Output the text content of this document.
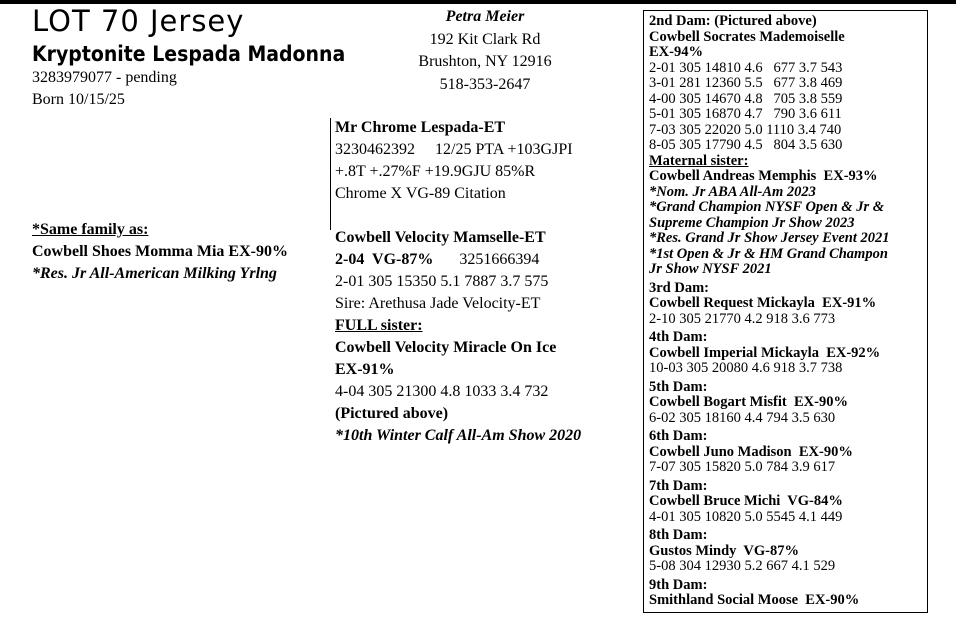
LOT 70 Jersey
Kryptonite Lespada Madonna
3283979077 - pending
Born 10/15/25
Petra Meier
192 Kit Clark Rd
Brushton, NY 12916
518-353-2647
*Same family as:
Cowbell Shoes Momma Mia EX-90%
*Res. Jr All-American Milking Yrlng
Mr Chrome Lespada-ET
3230462392     12/25 PTA +103GJPI
+.8T +.27%F +19.9GJU 85%R
Chrome X VG-89 Citation
Cowbell Velocity Mamselle-ET
2-04  VG-87% 3251666394
2-01 305 15350 5.1 7887 3.7 575
Sire: Arethusa Jade Velocity-ET
FULL sister:
Cowbell Velocity Miracle On Ice
EX-91%
4-04 305 21300 4.8 1033 3.4 732
(Pictured above)
*10th Winter Calf All-Am Show 2020
2nd Dam: (Pictured above)
Cowbell Socrates Mademoiselle
EX-94%
2-01 305 14810 4.6   677 3.7 543
3-01 281 12360 5.5   677 3.8 469
4-00 305 14670 4.8   705 3.8 559
5-01 305 16870 4.7   790 3.6 611
7-03 305 22020 5.0 1110 3.4 740
8-05 305 17790 4.5   804 3.5 630
Maternal sister:
Cowbell Andreas Memphis  EX-93%
*Nom. Jr ABA All-Am 2023
*Grand Champion NYSF Open & Jr &
Supreme Champion Jr Show 2023
*Res. Grand Jr Show Jersey Event 2021
*1st Open & Jr & HM Grand Champon
Jr Show NYSF 2021
3rd Dam:
Cowbell Request Mickayla  EX-91%
2-10 305 21770 4.2 918 3.6 773
4th Dam:
Cowbell Imperial Mickayla  EX-92%
10-03 305 20080 4.6 918 3.7 738
5th Dam:
Cowbell Bogart Misfit  EX-90%
6-02 305 18160 4.4 794 3.5 630
6th Dam:
Cowbell Juno Madison  EX-90%
7-07 305 15820 5.0 784 3.9 617
7th Dam:
Cowbell Bruce Michi  VG-84%
4-01 305 10820 5.0 5545 4.1 449
8th Dam:
Gustos Mindy  VG-87%
5-08 304 12930 5.2 667 4.1 529
9th Dam:
Smithland Social Moose  EX-90%
